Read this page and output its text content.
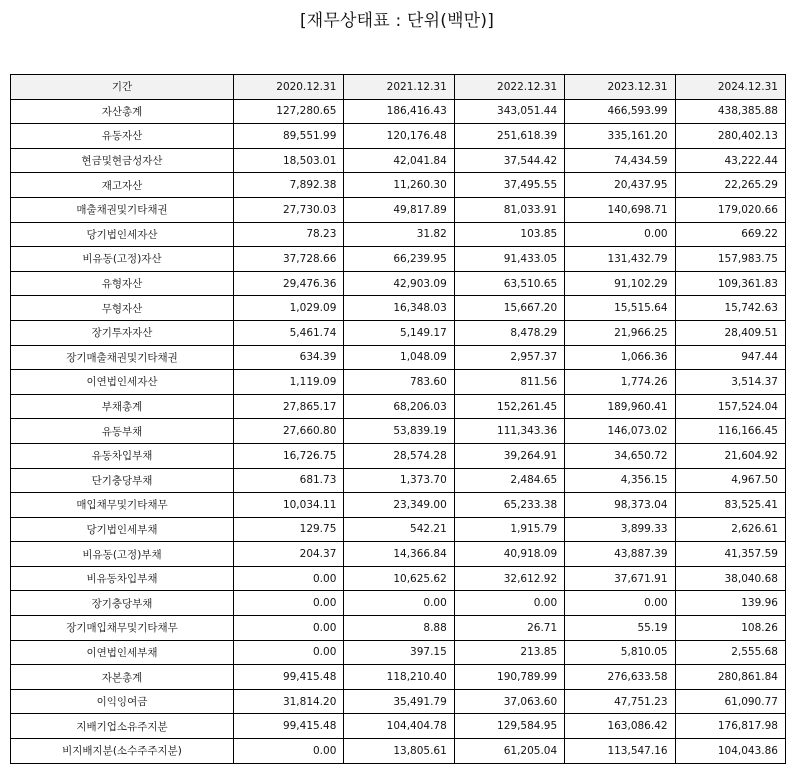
[재무상태표 : 단위(백만)]
기간	2020.12.31	2021.12.31	2022.12.31	2023.12.31	2024.12.31
자산총계	127,280.65	186,416.43	343,051.44	466,593.99	438,385.88
유동자산	89,551.99	120,176.48	251,618.39	335,161.20	280,402.13
현금및현금성자산	18,503.01	42,041.84	37,544.42	74,434.59	43,222.44
재고자산	7,892.38	11,260.30	37,495.55	20,437.95	22,265.29
매출채권및기타채권	27,730.03	49,817.89	81,033.91	140,698.71	179,020.66
당기법인세자산	78.23	31.82	103.85	0.00	669.22
비유동(고정)자산	37,728.66	66,239.95	91,433.05	131,432.79	157,983.75
유형자산	29,476.36	42,903.09	63,510.65	91,102.29	109,361.83
무형자산	1,029.09	16,348.03	15,667.20	15,515.64	15,742.63
장기투자자산	5,461.74	5,149.17	8,478.29	21,966.25	28,409.51
장기매출채권및기타채권	634.39	1,048.09	2,957.37	1,066.36	947.44
이연법인세자산	1,119.09	783.60	811.56	1,774.26	3,514.37
부채총계	27,865.17	68,206.03	152,261.45	189,960.41	157,524.04
유동부채	27,660.80	53,839.19	111,343.36	146,073.02	116,166.45
유동차입부채	16,726.75	28,574.28	39,264.91	34,650.72	21,604.92
단기충당부채	681.73	1,373.70	2,484.65	4,356.15	4,967.50
매입채무및기타채무	10,034.11	23,349.00	65,233.38	98,373.04	83,525.41
당기법인세부채	129.75	542.21	1,915.79	3,899.33	2,626.61
비유동(고정)부채	204.37	14,366.84	40,918.09	43,887.39	41,357.59
비유동차입부채	0.00	10,625.62	32,612.92	37,671.91	38,040.68
장기충당부채	0.00	0.00	0.00	0.00	139.96
장기매입채무및기타채무	0.00	8.88	26.71	55.19	108.26
이연법인세부채	0.00	397.15	213.85	5,810.05	2,555.68
자본총계	99,415.48	118,210.40	190,789.99	276,633.58	280,861.84
이익잉여금	31,814.20	35,491.79	37,063.60	47,751.23	61,090.77
지배기업소유주지분	99,415.48	104,404.78	129,584.95	163,086.42	176,817.98
비지배지분(소수주주지분)	0.00	13,805.61	61,205.04	113,547.16	104,043.86
